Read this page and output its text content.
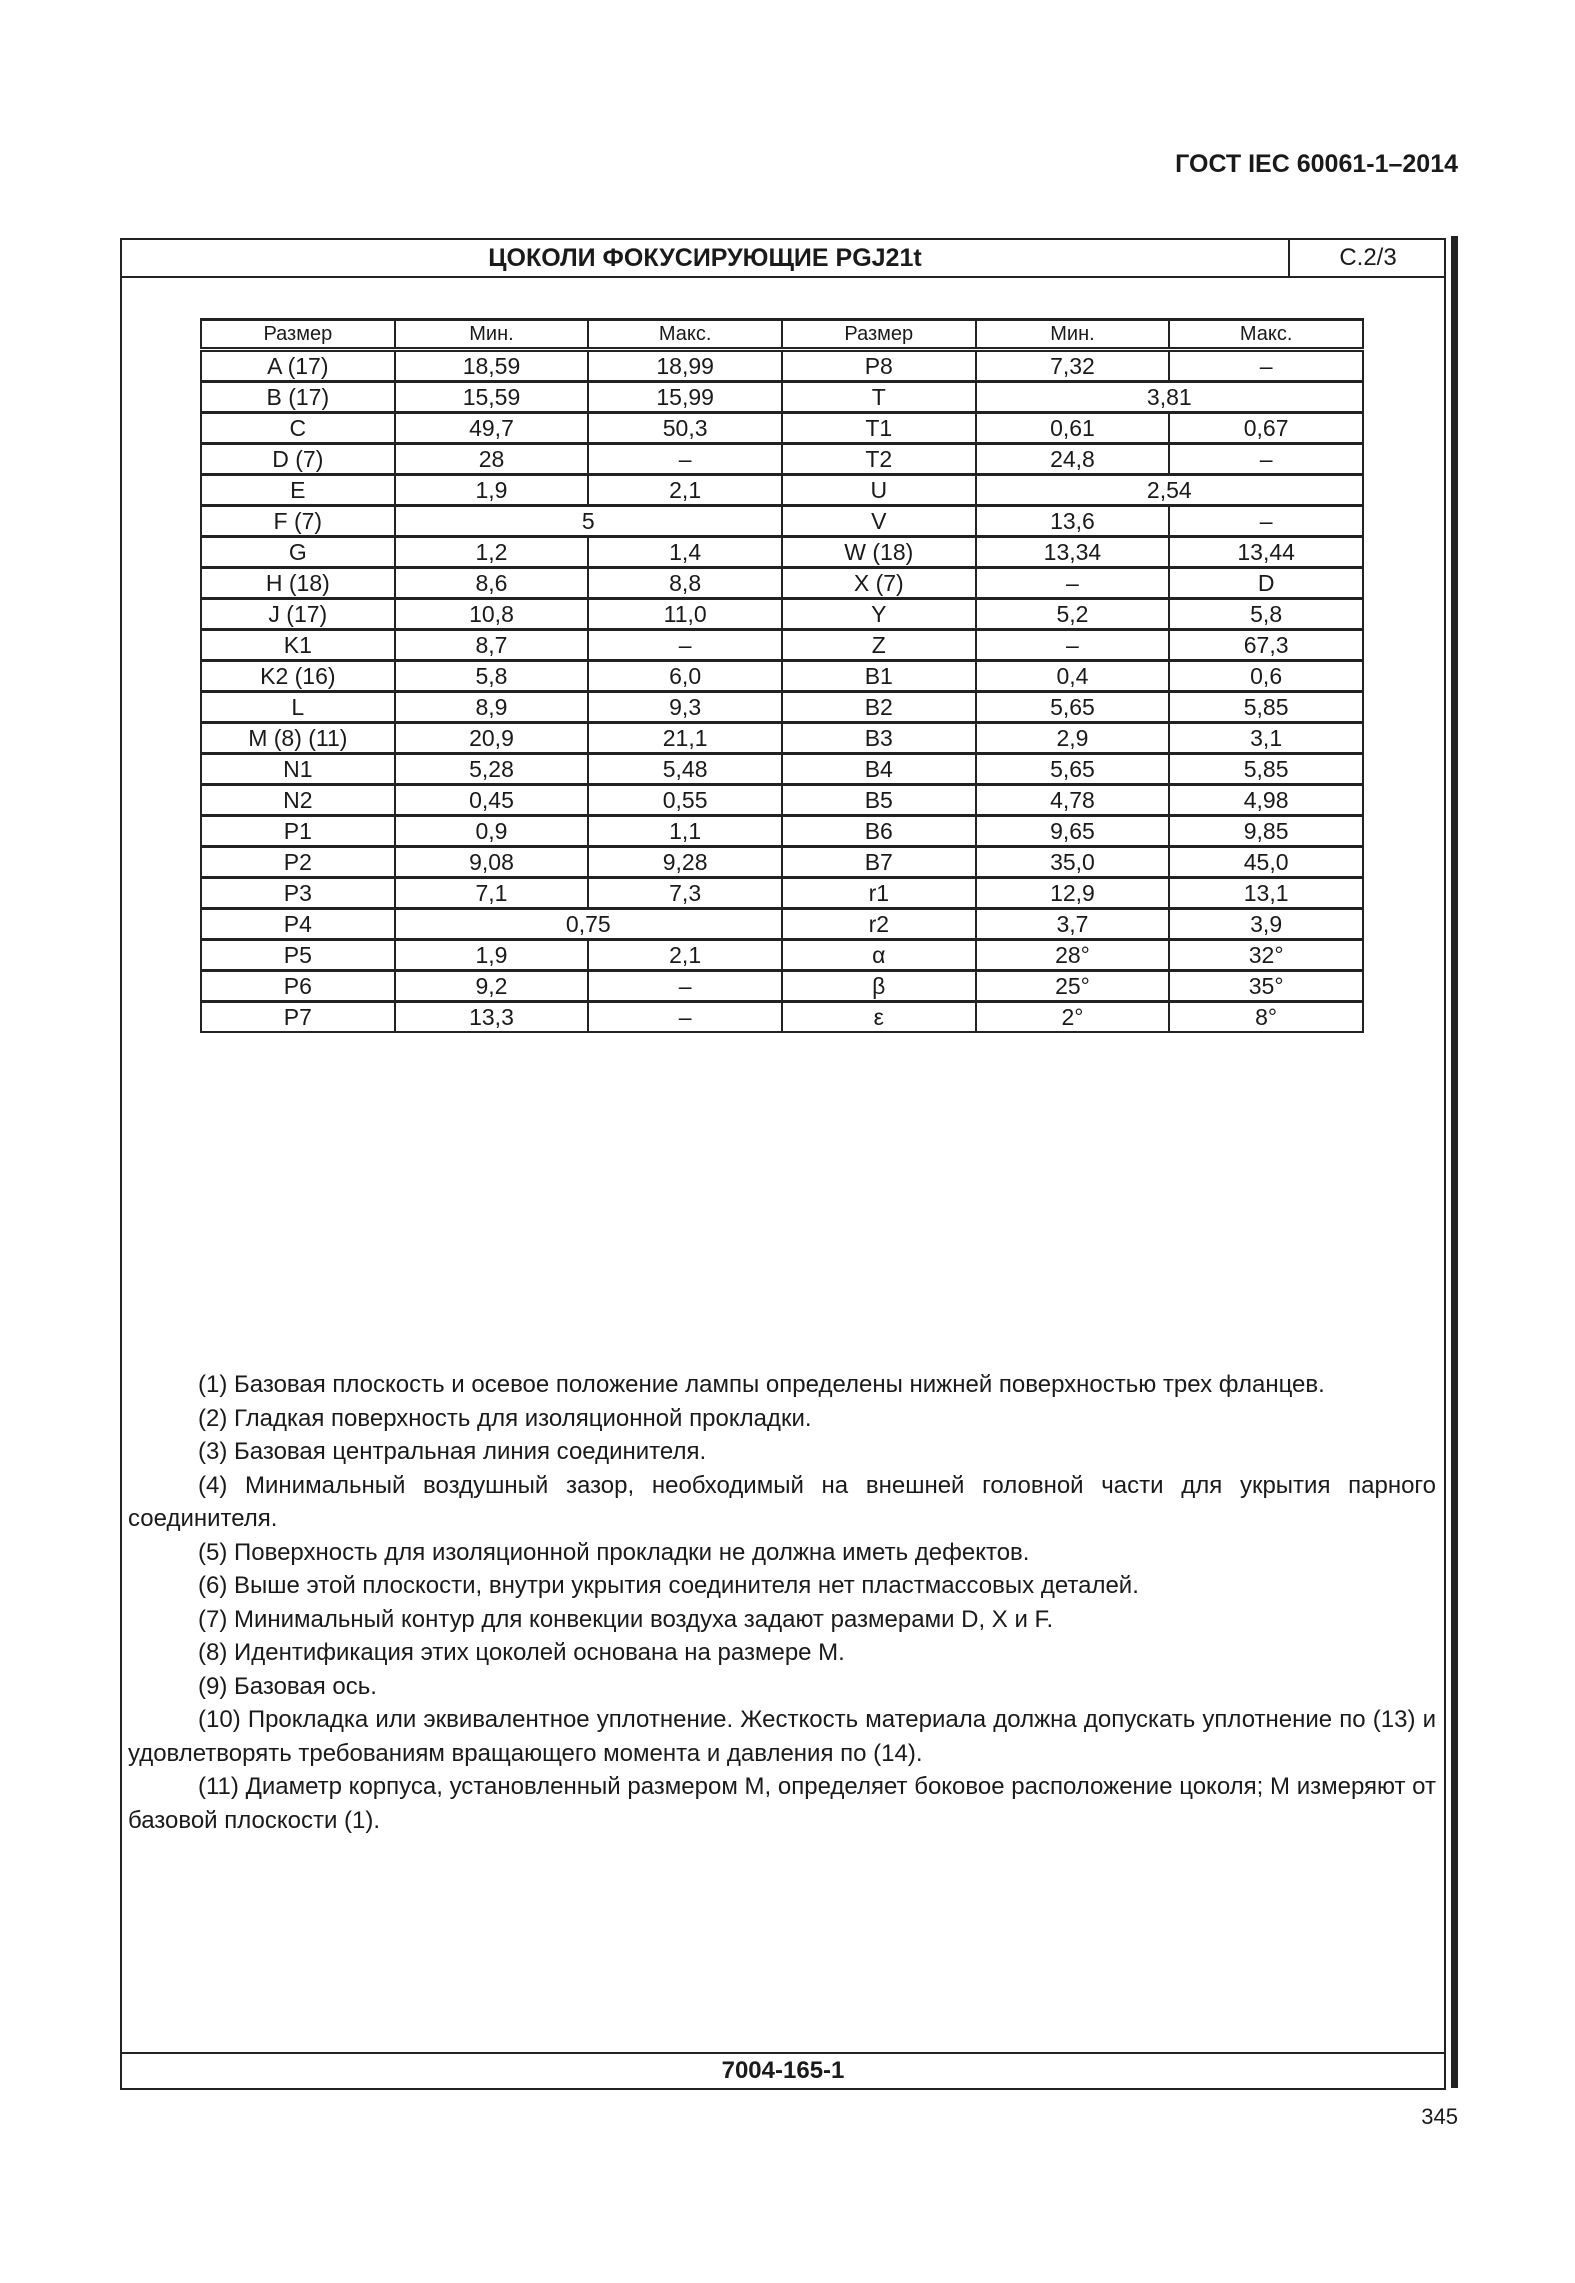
ГОСТ IEC 60061-1–2014
ЦОКОЛИ ФОКУСИРУЮЩИЕ PGJ21t	С.2/3
Размер	Мин.	Макс.	Размер	Мин.	Макс.
A (17)	18,59	18,99	P8	7,32	–
B (17)	15,59	15,99	T	3,81	
C	49,7	50,3	T1	0,61	0,67
D (7)	28	–	T2	24,8	–
E	1,9	2,1	U	2,54	
F (7)	5		V	13,6	–
G	1,2	1,4	W (18)	13,34	13,44
H (18)	8,6	8,8	X (7)	–	D
J (17)	10,8	11,0	Y	5,2	5,8
K1	8,7	–	Z	–	67,3
K2 (16)	5,8	6,0	B1	0,4	0,6
L	8,9	9,3	B2	5,65	5,85
M (8) (11)	20,9	21,1	B3	2,9	3,1
N1	5,28	5,48	B4	5,65	5,85
N2	0,45	0,55	B5	4,78	4,98
P1	0,9	1,1	B6	9,65	9,85
P2	9,08	9,28	B7	35,0	45,0
P3	7,1	7,3	r1	12,9	13,1
P4	0,75		r2	3,7	3,9
P5	1,9	2,1	α	28°	32°
P6	9,2	–	β	25°	35°
P7	13,3	–	ε	2°	8°

(1) Базовая плоскость и осевое положение лампы определены нижней поверхностью трех фланцев.

(2) Гладкая поверхность для изоляционной прокладки.

(3) Базовая центральная линия соединителя.

(4) Минимальный воздушный зазор, необходимый на внешней головной части для укрытия парного соединителя.

(5) Поверхность для изоляционной прокладки не должна иметь дефектов.

(6) Выше этой плоскости, внутри укрытия соединителя нет пластмассовых деталей.

(7) Минимальный контур для конвекции воздуха задают размерами D, X и F.

(8) Идентификация этих цоколей основана на размере M.

(9) Базовая ось.

(10) Прокладка или эквивалентное уплотнение. Жесткость материала должна допускать уплотнение по (13) и удовлетворять требованиям вращающего момента и давления по (14).

(11) Диаметр корпуса, установленный размером M, определяет боковое расположение цоколя; M измеряют от базовой плоскости (1).

7004-165-1
345
